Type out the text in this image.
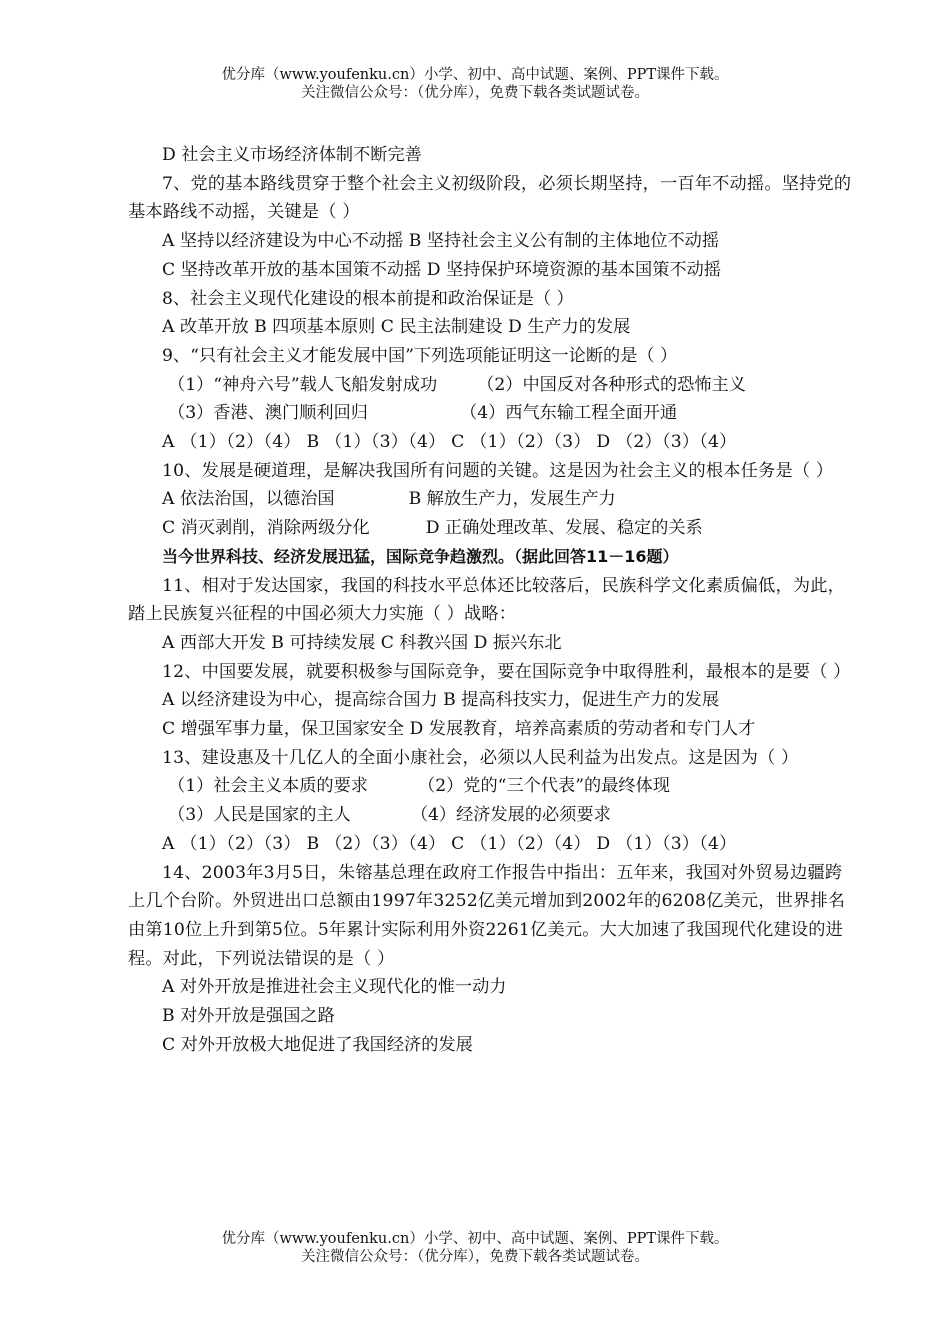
优分库（www.youfenku.cn）小学、初中、高中试题、案例、PPT课件下载。
关注微信公众号：（优分库），免费下载各类试题试卷。

D 社会主义市场经济体制不断完善

7、党的基本路线贯穿于整个社会主义初级阶段，必须长期坚持，一百年不动摇。坚持党的基本路线不动摇，关键是（ ）

A 坚持以经济建设为中心不动摇 B 坚持社会主义公有制的主体地位不动摇

C 坚持改革开放的基本国策不动摇 D 坚持保护环境资源的基本国策不动摇

8、社会主义现代化建设的根本前提和政治保证是（ ）

A 改革开放 B 四项基本原则 C 民主法制建设 D 生产力的发展

9、“只有社会主义才能发展中国”下列选项能证明这一论断的是（ ）

（1）“神舟六号”载人飞船发射成功 （2）中国反对各种形式的恐怖主义

（3）香港、澳门顺利回归	（4）西气东输工程全面开通

A （1）（2）（4） B （1）（3）（4） C （1）（2）（3） D （2）（3）（4）

10、发展是硬道理，是解决我国所有问题的关键。这是因为社会主义的根本任务是（ ）

A 依法治国，以德治国	B 解放生产力，发展生产力

C 消灭剥削，消除两级分化	D 正确处理改革、发展、稳定的关系

当今世界科技、经济发展迅猛，国际竞争趋激烈。（据此回答11－16题）

11、相对于发达国家，我国的科技水平总体还比较落后，民族科学文化素质偏低，为此，踏上民族复兴征程的中国必须大力实施（ ）战略：

A 西部大开发 B 可持续发展 C 科教兴国 D 振兴东北

12、中国要发展，就要积极参与国际竞争，要在国际竞争中取得胜利，最根本的是要（ ）

A 以经济建设为中心，提高综合国力 B 提高科技实力，促进生产力的发展

C 增强军事力量，保卫国家安全 D 发展教育，培养高素质的劳动者和专门人才

13、建设惠及十几亿人的全面小康社会，必须以人民利益为出发点。这是因为（ ）

（1）社会主义本质的要求	（2）党的“三个代表”的最终体现

（3）人民是国家的主人	（4）经济发展的必须要求

A （1）（2）（3） B （2）（3）（4） C （1）（2）（4） D （1）（3）（4）

14、2003年3月5日，朱镕基总理在政府工作报告中指出：五年来，我国对外贸易边疆跨上几个台阶。外贸进出口总额由1997年3252亿美元增加到2002年的6208亿美元，世界排名由第10位上升到第5位。5年累计实际利用外资2261亿美元。大大加速了我国现代化建设的进程。对此，下列说法错误的是（ ）

A 对外开放是推进社会主义现代化的惟一动力

B 对外开放是强国之路

C 对外开放极大地促进了我国经济的发展

优分库（www.youfenku.cn）小学、初中、高中试题、案例、PPT课件下载。
关注微信公众号：（优分库），免费下载各类试题试卷。
